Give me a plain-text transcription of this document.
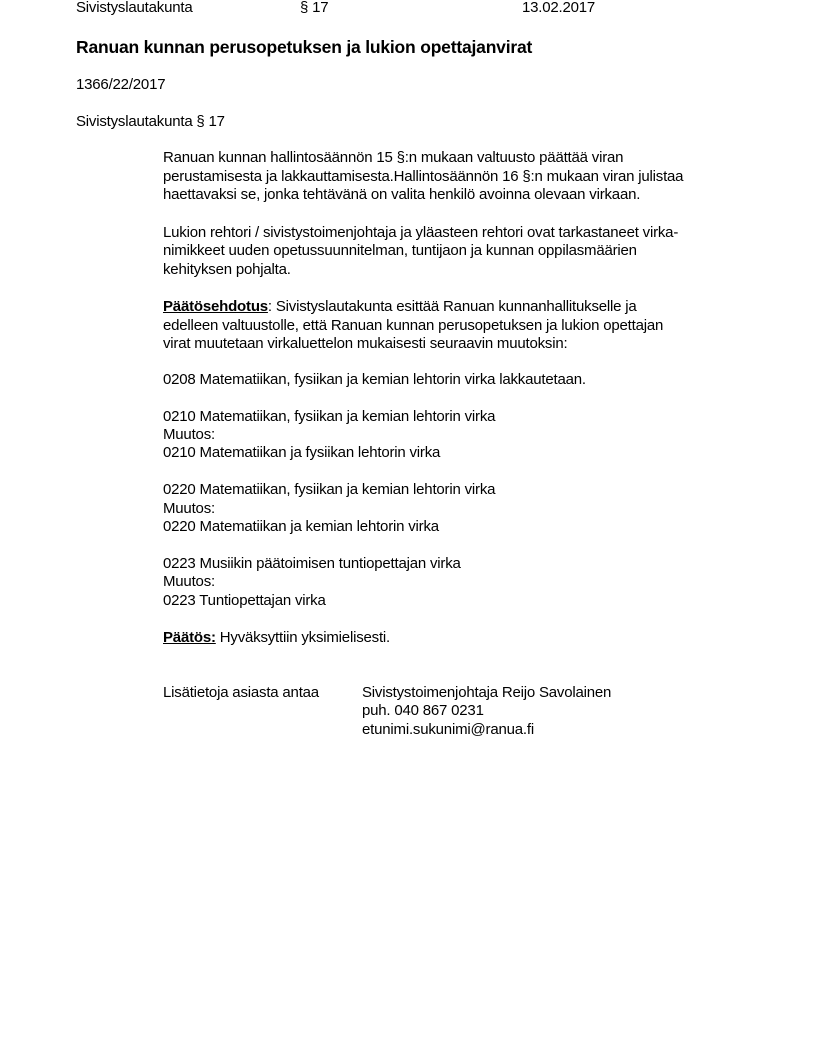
Sivistyslautakunta	§ 17	13.02.2017
Ranuan kunnan perusopetuksen ja lukion opettajanvirat
1366/22/2017
Sivistyslautakunta § 17
Ranuan kunnan hallintosäännön 15 §:n mukaan valtuusto päättää viran
perustamisesta ja lakkauttamisesta.Hallintosäännön 16 §:n mukaan viran julistaa
haettavaksi se, jonka tehtävänä on valita henkilö avoinna olevaan virkaan.
Lukion rehtori / sivistystoimenjohtaja ja yläasteen rehtori ovat tarkastaneet virka-
nimikkeet uuden opetussuunnitelman, tuntijaon ja kunnan oppilasmäärien
kehityksen pohjalta.
Päätösehdotus: Sivistyslautakunta esittää Ranuan kunnanhallitukselle ja
edelleen valtuustolle, että Ranuan kunnan perusopetuksen ja lukion opettajan
virat muutetaan virkaluettelon mukaisesti seuraavin muutoksin:
0208 Matematiikan, fysiikan ja kemian lehtorin virka lakkautetaan.
0210 Matematiikan, fysiikan ja kemian lehtorin virka
Muutos:
0210 Matematiikan ja fysiikan lehtorin virka
0220 Matematiikan, fysiikan ja kemian lehtorin virka
Muutos:
0220 Matematiikan ja kemian lehtorin virka
0223 Musiikin päätoimisen tuntiopettajan virka
Muutos:
0223 Tuntiopettajan virka
Päätös: Hyväksyttiin yksimielisesti.
Lisätietoja asiasta antaa	Sivistystoimenjohtaja Reijo Savolainen
puh. 040 867 0231
etunimi.sukunimi@ranua.fi
